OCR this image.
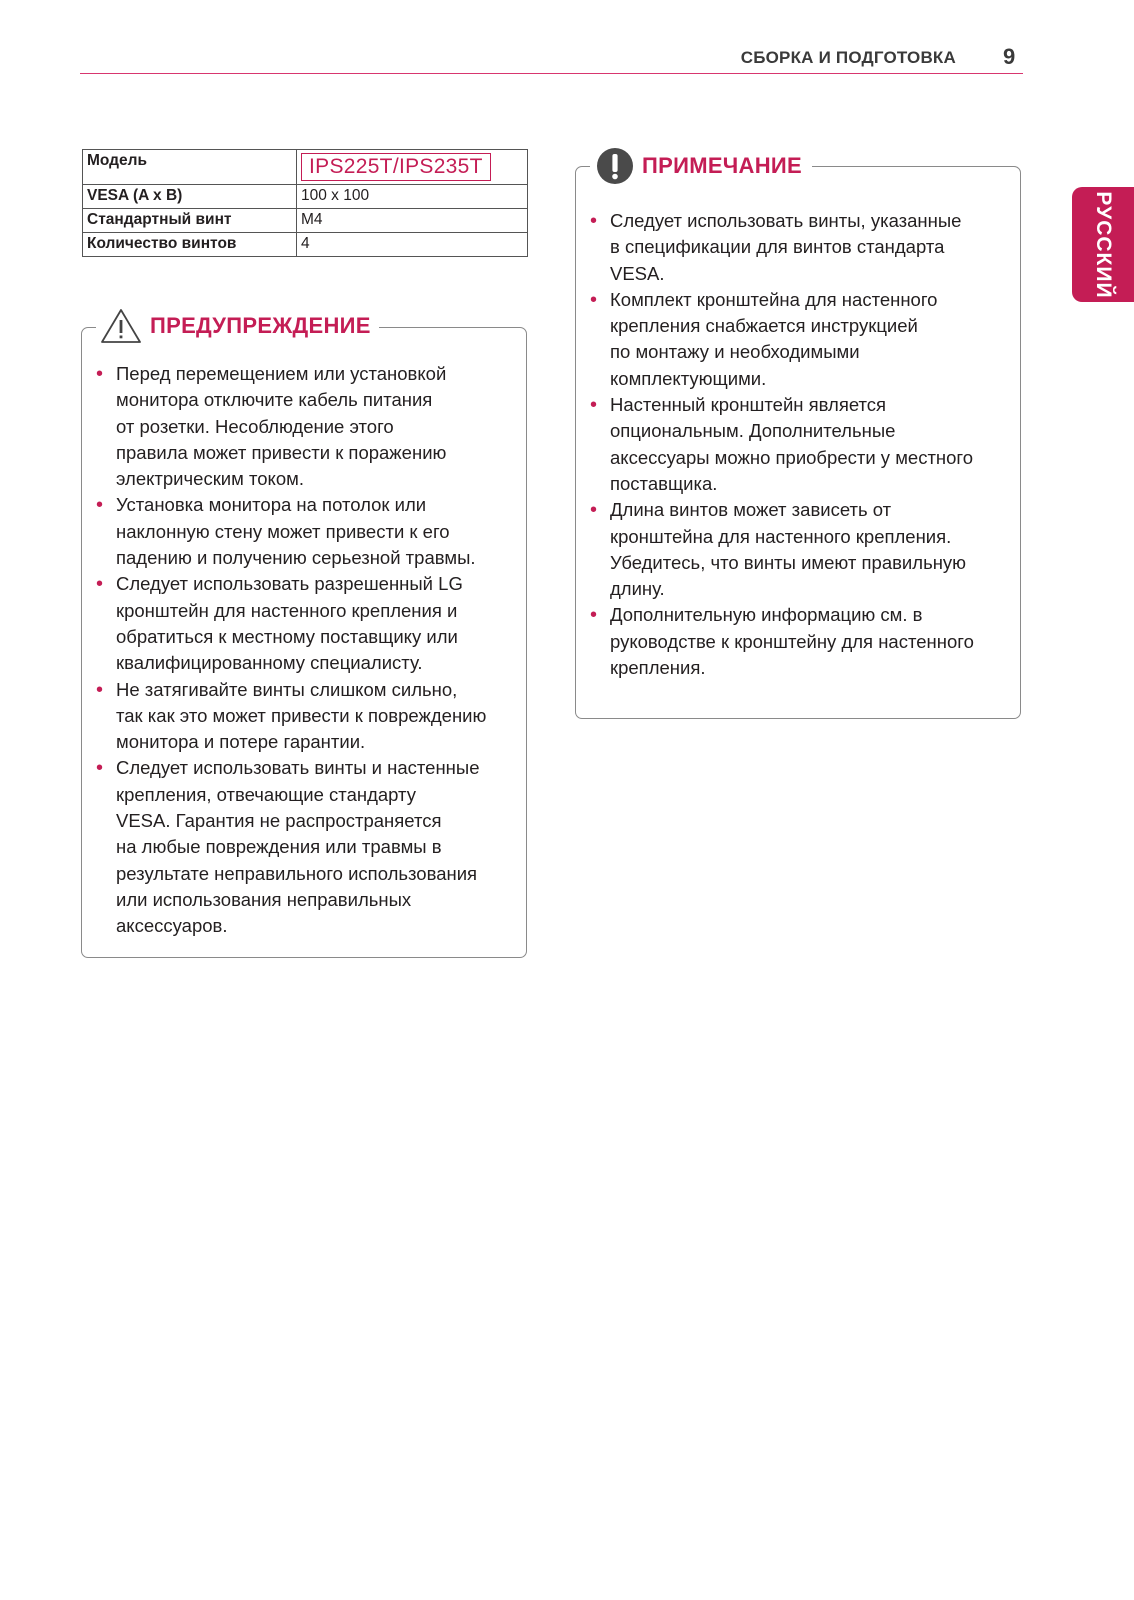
СБОРКА И ПОДГОТОВКА 9
РУССКИЙ
Модель	IPS225T/IPS235T
VESA (A x B)	100 x 100
Стандартный винт	M4
Количество винтов	4
ПРЕДУПРЕЖДЕНИЕ
• Перед перемещением или установкой
монитора отключите кабель питания
от розетки. Несоблюдение этого
правила может привести к поражению
электрическим током.
• Установка монитора на потолок или
наклонную стену может привести к его
падению и получению серьезной травмы.
• Следует использовать разрешенный LG
кронштейн для настенного крепления и
обратиться к местному поставщику или
квалифицированному специалисту.
• Не затягивайте винты слишком сильно,
так как это может привести к повреждению
монитора и потере гарантии.
• Следует использовать винты и настенные
крепления, отвечающие стандарту
VESA. Гарантия не распространяется
на любые повреждения или травмы в
результате неправильного использования
или использования неправильных
аксессуаров.
ПРИМЕЧАНИЕ
• Следует использовать винты, указанные
в спецификации для винтов стандарта
VESA.
• Комплект кронштейна для настенного
крепления снабжается инструкцией
по монтажу и необходимыми
комплектующими.
• Настенный кронштейн является
опциональным. Дополнительные
аксессуары можно приобрести у местного
поставщика.
• Длина винтов может зависеть от
кронштейна для настенного крепления.
Убедитесь, что винты имеют правильную
длину.
• Дополнительную информацию см. в
руководстве к кронштейну для настенного
крепления.
